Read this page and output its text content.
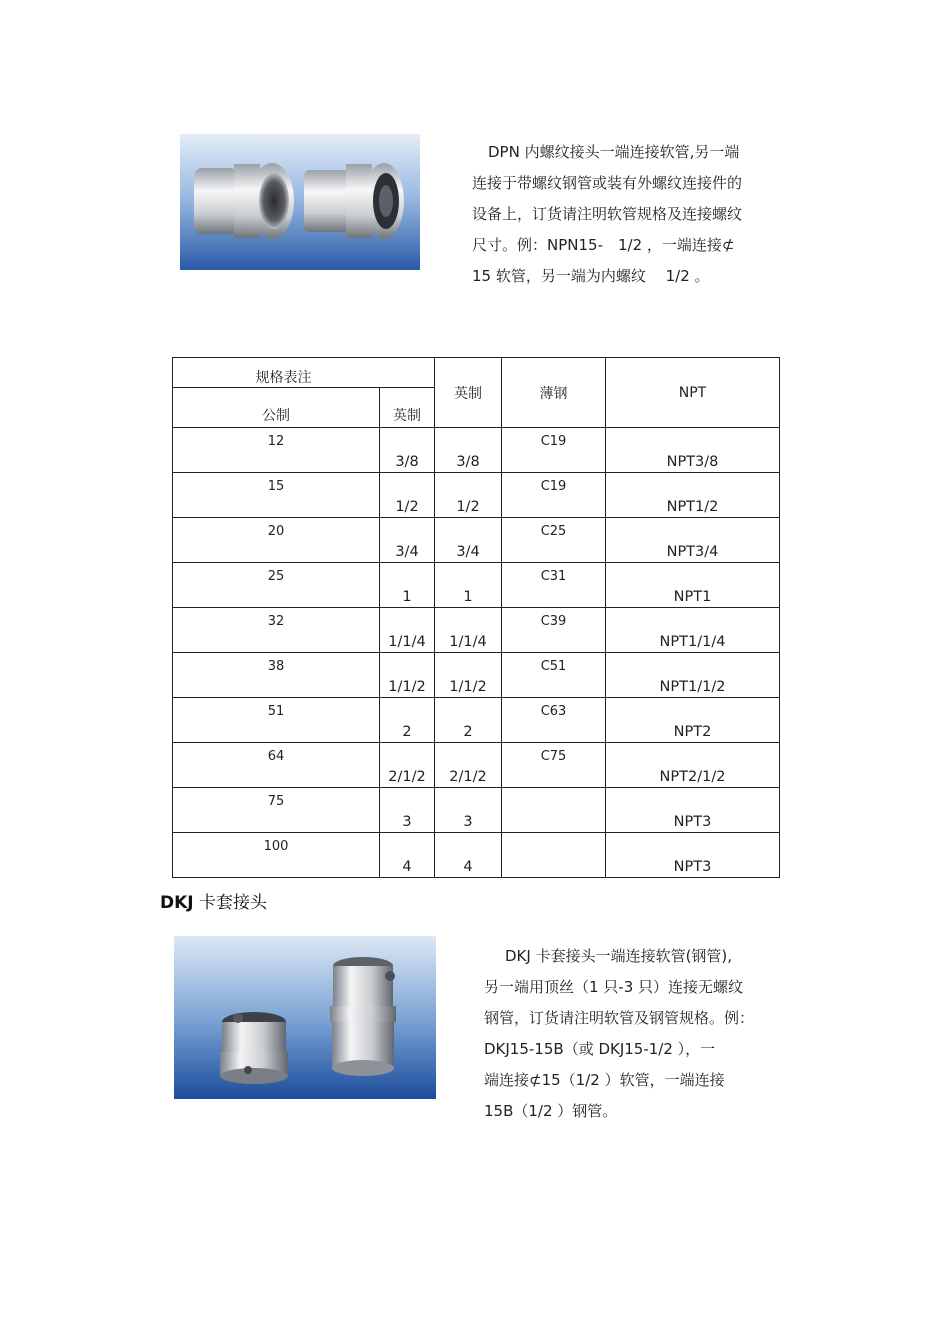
DPN 内螺纹接头一端连接软管,另一端
连接于带螺纹钢管或装有外螺纹连接件的
设备上，订货请注明软管规格及连接螺纹
尺寸。例：NPN15-　1/2 ，一端连接⊄
15 软管，另一端为内螺纹　 1/2 。
规格表注		英制	薄钢	NPT
公制	英制			
12	3/8	3/8	C19	NPT3/8
15	1/2	1/2	C19	NPT1/2
20	3/4	3/4	C25	NPT3/4
25	1	1	C31	NPT1
32	1/1/4	1/1/4	C39	NPT1/1/4
38	1/1/2	1/1/2	C51	NPT1/1/2
51	2	2	C63	NPT2
64	2/1/2	2/1/2	C75	NPT2/1/2
75	3	3		NPT3
100	4	4		NPT3
DKJ 卡套接头
DKJ 卡套接头一端连接软管(钢管),
另一端用顶丝（1 只-3 只）连接无螺纹
钢管，订货请注明软管及钢管规格。例：
DKJ15-15B（或 DKJ15-1/2 ），一
端连接⊄15（1/2 ）软管，一端连接
15B（1/2 ）钢管。
